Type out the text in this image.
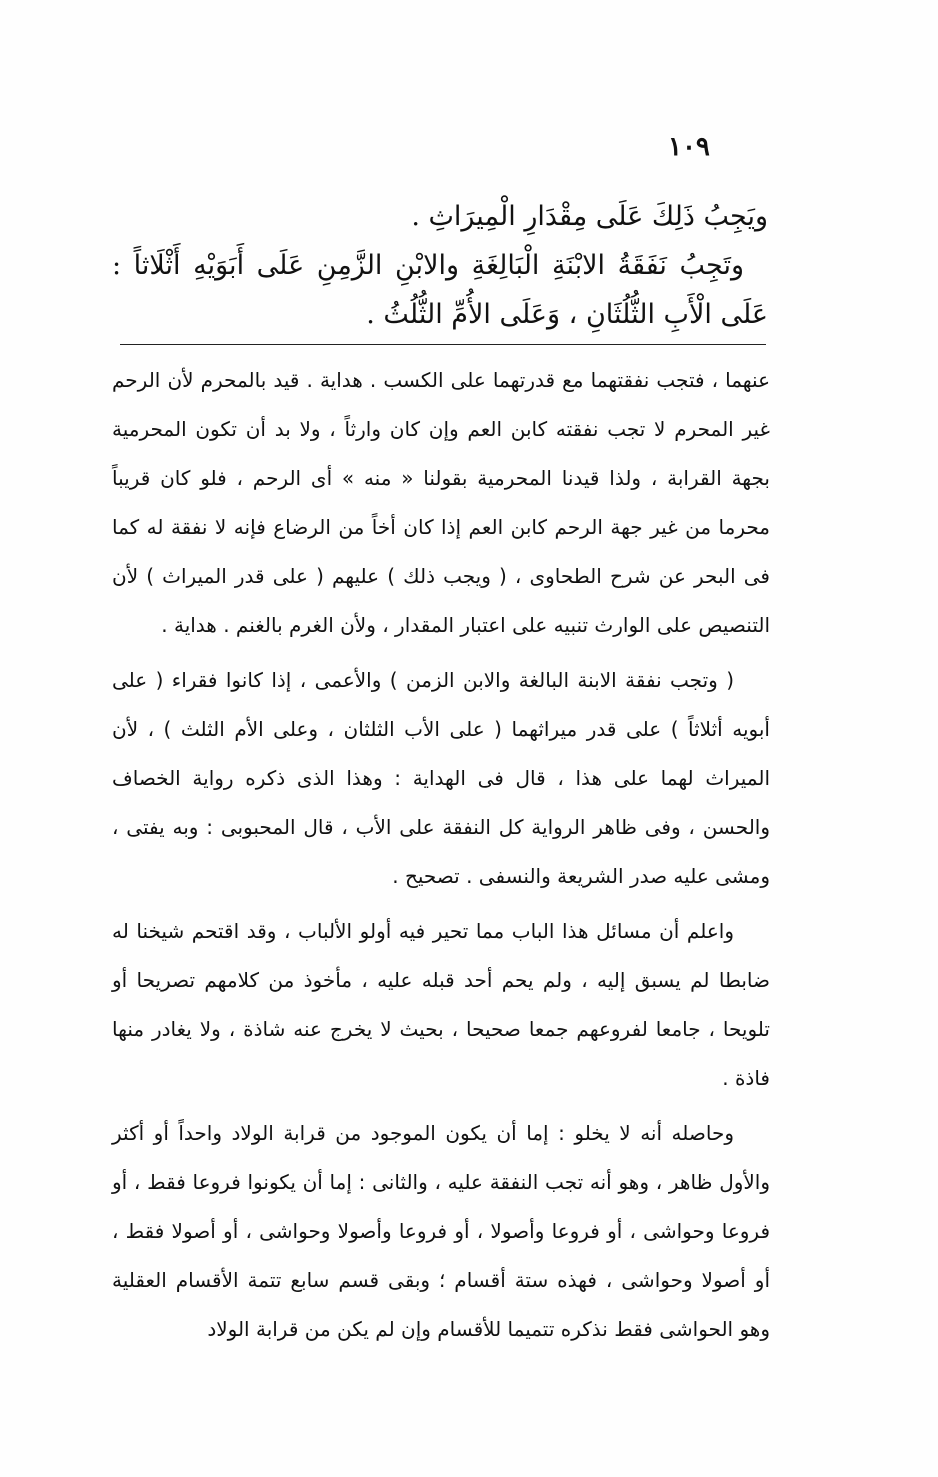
١٠٩

ويَجِبُ ذَلِكَ عَلَى مِقْدَارِ الْمِيرَاثِ .

وتَجِبُ نَفَقَةُ الابْنَةِ الْبَالِغَةِ والابْنِ الزَّمِنِ عَلَى أَبَوَيْهِ أَثْلَاثاً : عَلَى الْأَبِ الثُّلُثَانِ ، وَعَلَى الأُمِّ الثُّلُثُ .

عنهما ، فتجب نفقتهما مع قدرتهما على الكسب . هداية . قيد بالمحرم لأن الرحم غير المحرم لا تجب نفقته كابن العم وإن كان وارثاً ، ولا بد أن تكون المحرمية بجهة القرابة ، ولذا قيدنا المحرمية بقولنا « منه » أى الرحم ، فلو كان قريباً محرما من غير جهة الرحم كابن العم إذا كان أخاً من الرضاع فإنه لا نفقة له كما فى البحر عن شرح الطحاوى ، ( ويجب ذلك ) عليهم ( على قدر الميراث ) لأن التنصيص على الوارث تنبيه على اعتبار المقدار ، ولأن الغرم بالغنم . هداية .

( وتجب نفقة الابنة البالغة والابن الزمن ) والأعمى ، إذا كانوا فقراء ( على أبويه أثلاثاً ) على قدر ميراثهما ( على الأب الثلثان ، وعلى الأم الثلث ) ، لأن الميراث لهما على هذا ، قال فى الهداية : وهذا الذى ذكره رواية الخصاف والحسن ، وفى ظاهر الرواية كل النفقة على الأب ، قال المحبوبى : وبه يفتى ، ومشى عليه صدر الشريعة والنسفى . تصحيح .

واعلم أن مسائل هذا الباب مما تحير فيه أولو الألباب ، وقد اقتحم شيخنا له ضابطا لم يسبق إليه ، ولم يحم أحد قبله عليه ، مأخوذ من كلامهم تصريحا أو تلويحا ، جامعا لفروعهم جمعا صحيحا ، بحيث لا يخرج عنه شاذة ، ولا يغادر منها فاذة .

وحاصله أنه لا يخلو : إما أن يكون الموجود من قرابة الولاد واحداً أو أكثر والأول ظاهر ، وهو أنه تجب النفقة عليه ، والثانى : إما أن يكونوا فروعا فقط ، أو فروعا وحواشى ، أو فروعا وأصولا ، أو فروعا وأصولا وحواشى ، أو أصولا فقط ، أو أصولا وحواشى ، فهذه ستة أقسام ؛ وبقى قسم سابع تتمة الأقسام العقلية وهو الحواشى فقط نذكره تتميما للأقسام وإن لم يكن من قرابة الولاد
